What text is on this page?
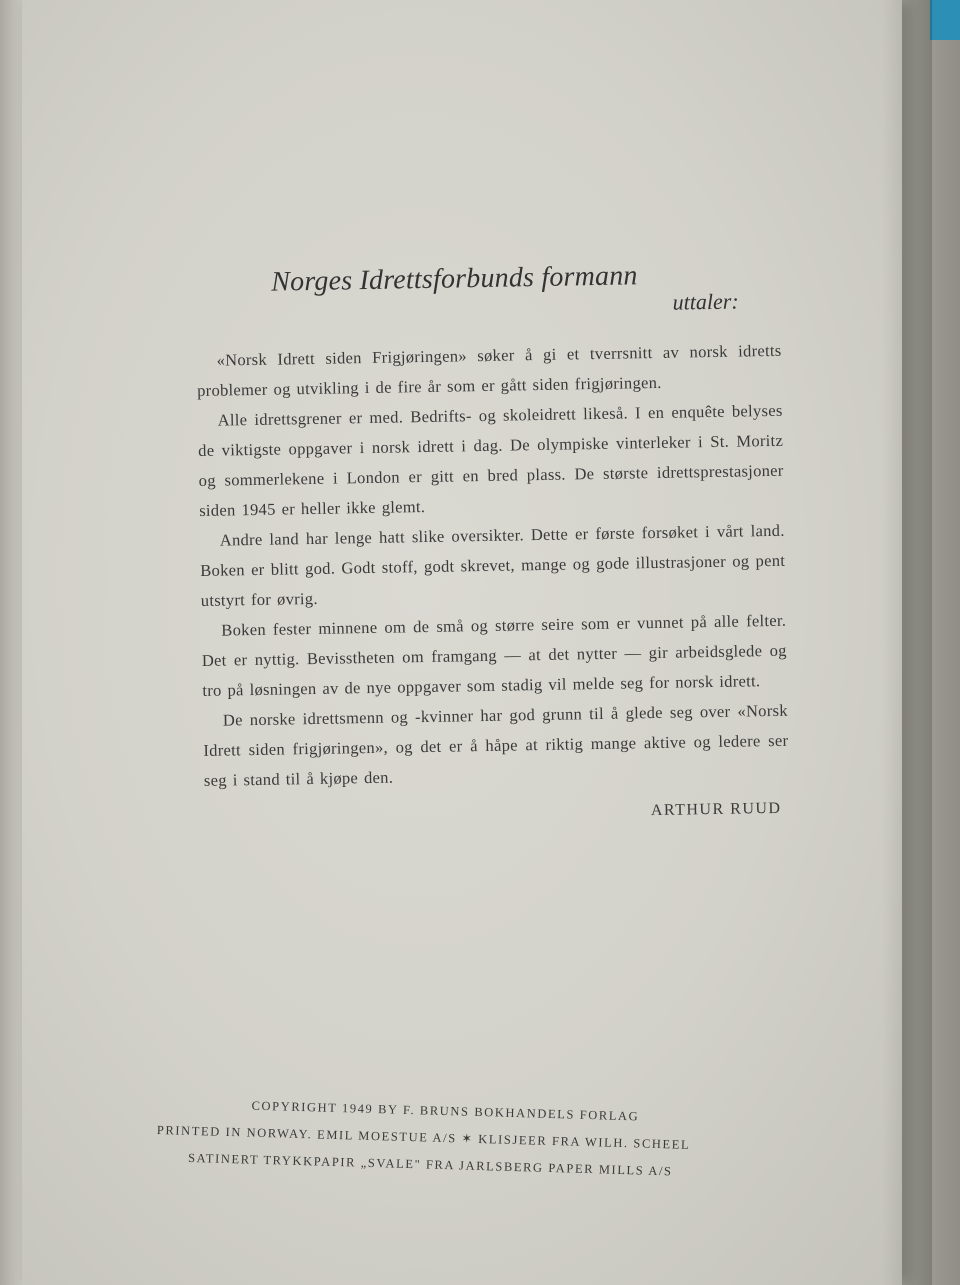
Norges Idrettsforbunds formann
uttaler:

«Norsk Idrett siden Frigjøringen» søker å gi et tverrsnitt av norsk idretts problemer og utvikling i de fire år som er gått siden frigjøringen.

Alle idrettsgrener er med. Bedrifts- og skoleidrett likeså. I en enquête belyses de viktigste oppgaver i norsk idrett i dag. De olympiske vinterleker i St. Moritz og sommerlekene i London er gitt en bred plass. De største idrettsprestasjoner siden 1945 er heller ikke glemt.

Andre land har lenge hatt slike oversikter. Dette er første forsøket i vårt land. Boken er blitt god. Godt stoff, godt skrevet, mange og gode illustrasjoner og pent utstyrt for øvrig.

Boken fester minnene om de små og større seire som er vunnet på alle felter. Det er nyttig. Bevisstheten om framgang — at det nytter — gir arbeidsglede og tro på løsningen av de nye oppgaver som stadig vil melde seg for norsk idrett.

De norske idrettsmenn og -kvinner har god grunn til å glede seg over «Norsk Idrett siden frigjøringen», og det er å håpe at riktig mange aktive og ledere ser seg i stand til å kjøpe den.

ARTHUR RUUD
COPYRIGHT 1949 BY F. BRUNS BOKHANDELS FORLAG
PRINTED IN NORWAY. EMIL MOESTUE A/S ✶ KLISJEER FRA WILH. SCHEEL
SATINERT TRYKKPAPIR „SVALE" FRA JARLSBERG PAPER MILLS A/S
